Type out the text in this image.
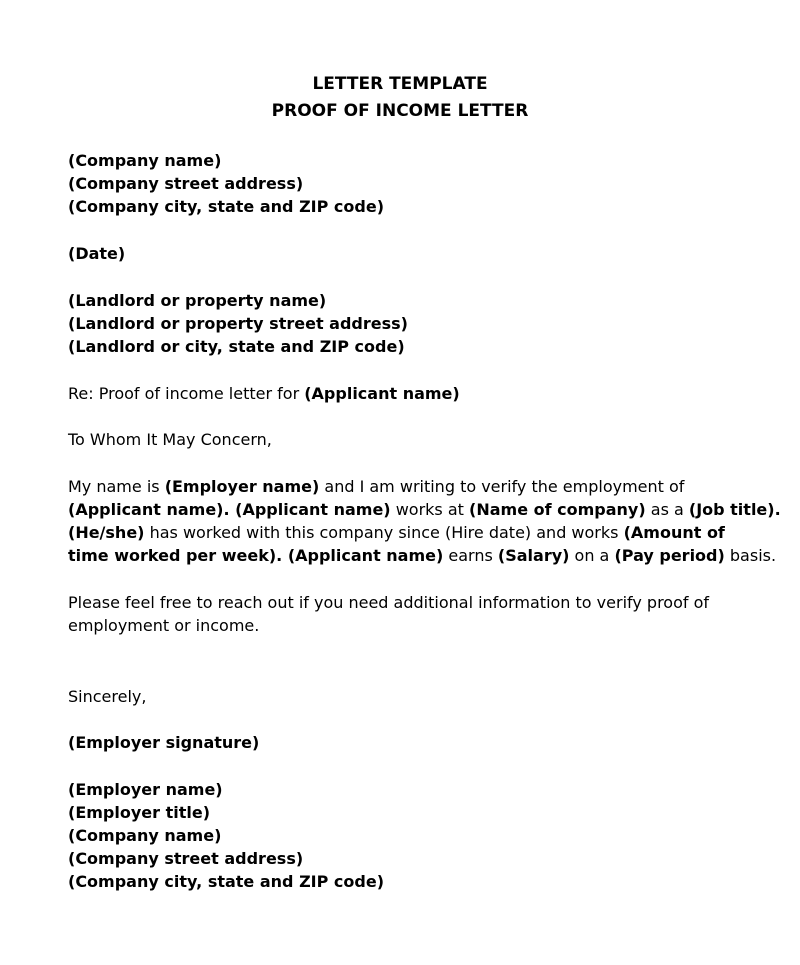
LETTER TEMPLATE
PROOF OF INCOME LETTER
(Company name)
(Company street address)
(Company city, state and ZIP code)
(Date)
(Landlord or property name)
(Landlord or property street address)
(Landlord or city, state and ZIP code)
Re: Proof of income letter for (Applicant name)
To Whom It May Concern,
My name is (Employer name) and I am writing to verify the employment of
(Applicant name). (Applicant name) works at (Name of company) as a (Job title).
(He/she) has worked with this company since (Hire date) and works (Amount of
time worked per week). (Applicant name) earns (Salary) on a (Pay period) basis.
Please feel free to reach out if you need additional information to verify proof of
employment or income.
Sincerely,
(Employer signature)
(Employer name)
(Employer title)
(Company name)
(Company street address)
(Company city, state and ZIP code)
